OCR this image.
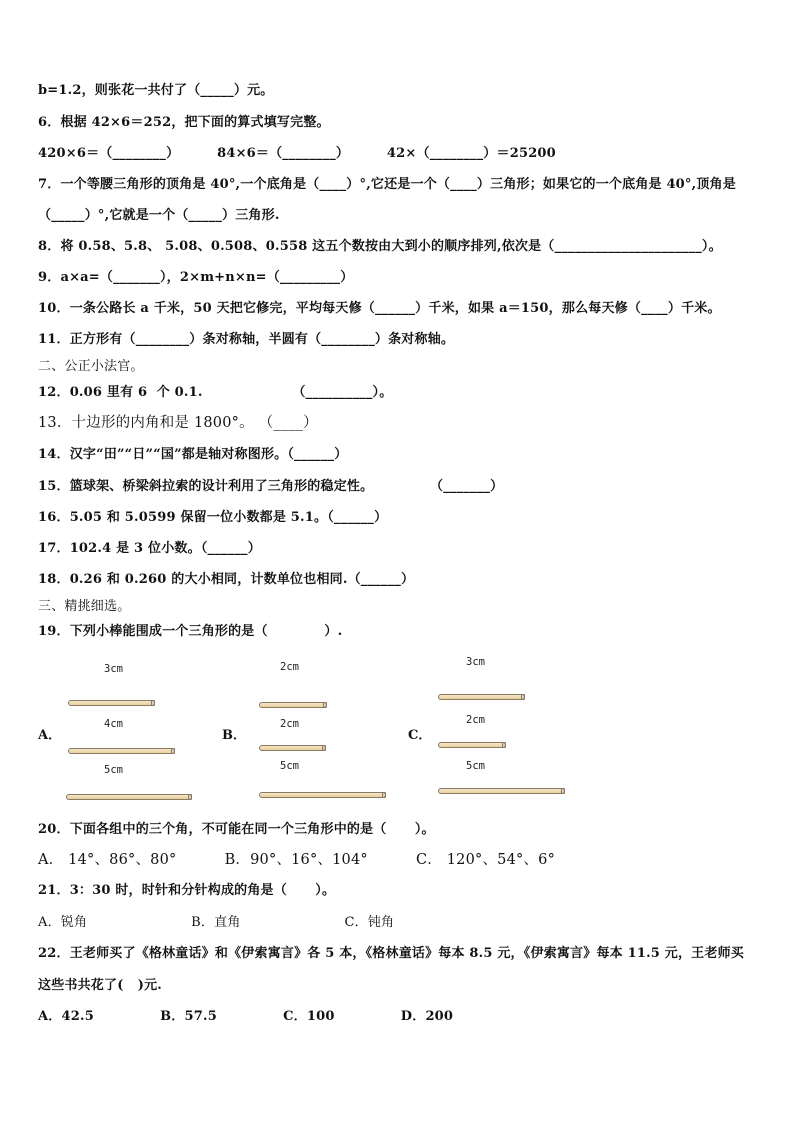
b=1.2，则张花一共付了（_____）元。
6．根据 42×6＝252，把下面的算式填写完整。
420×6＝（________）        84×6＝（________）        42×（________）＝25200
7．一个等腰三角形的顶角是 40°,一个底角是（____）°,它还是一个（____）三角形；如果它的一个底角是 40°,顶角是
（_____）°,它就是一个（_____）三角形.
8．将 0.58、5.8、 5.08、0.508、0.558 这五个数按由大到小的顺序排列,依次是（______________________）。
9．a×a=（_______），2×m+n×n=（_________）
10．一条公路长 a 千米，50 天把它修完，平均每天修（______）千米，如果 a＝150，那么每天修（____）千米。
11．正方形有（________）条对称轴，半圆有（________）条对称轴。
二、公正小法官。
12．0.06 里有 6  个 0.1.                   （__________）。
13．十边形的内角和是 1800°。 （____）
14．汉字“田”“日”“国”都是轴对称图形。（______）
15．篮球架、桥梁斜拉索的设计利用了三角形的稳定性。            （_______）
16．5.05 和 5.0599 保留一位小数都是 5.1。（______）
17．102.4 是 3 位小数。（______）
18．0.26 和 0.260 的大小相同，计数单位也相同.（______）
三、精挑细选。
19．下列小棒能围成一个三角形的是（            ）.
A．
3cm
4cm
5cm
B．
2cm
2cm
5cm
C．
3cm
2cm
5cm
20．下面各组中的三个角，不可能在同一个三角形中的是（      ）。
A． 14°、86°、80°          B．90°、16°、104°          C． 120°、54°、6°
21．3：30 时，时针和分针构成的角是（      ）。
A．锐角                        B．直角                        C．钝角
22．王老师买了《格林童话》和《伊索寓言》各 5 本，《格林童话》每本 8.5 元，《伊索寓言》每本 11.5 元，王老师买
这些书共花了(   )元.
A．42.5              B．57.5              C．100              D．200
